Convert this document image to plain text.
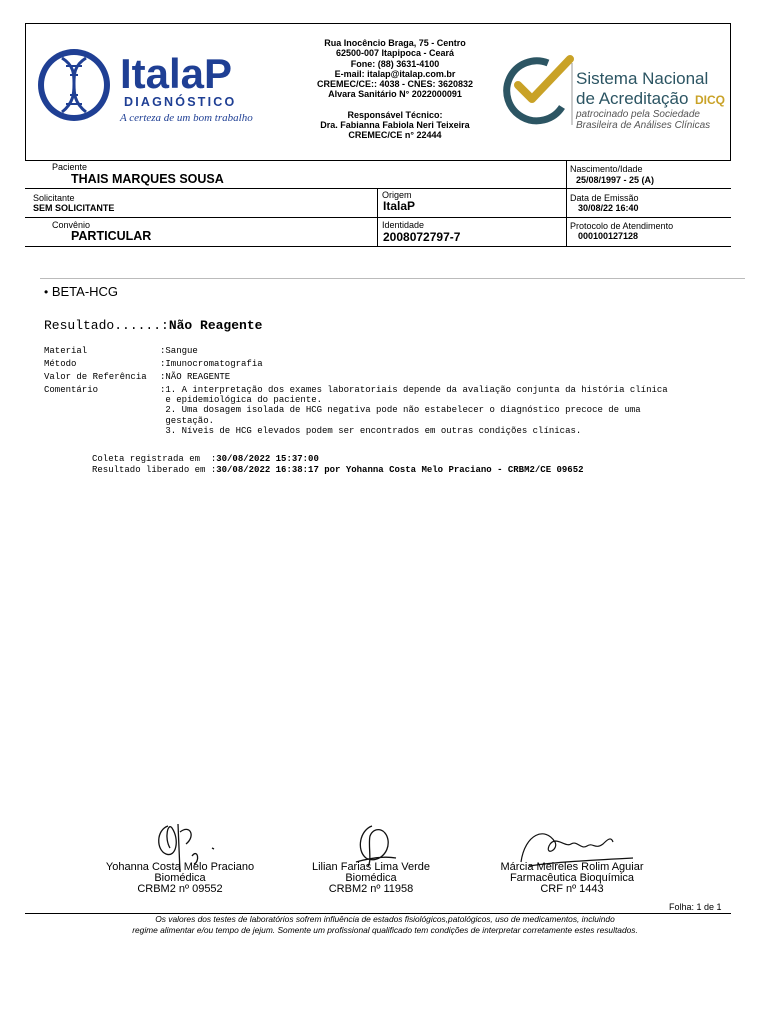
ItalaP
DIAGNÓSTICO
A certeza de um bom trabalho
Rua Inocêncio Braga, 75 - Centro
62500-007 Itapipoca - Ceará
Fone: (88) 3631-4100
E-mail: italap@italap.com.br
CREMEC/CE:: 4038 - CNES: 3620832
Alvara Sanitário N° 2022000091
Responsável Técnico:
Dra. Fabianna Fabiola Neri Teixeira
CREMEC/CE n° 22444
Sistema Nacional
de Acreditação DICQ
patrocinado pela Sociedade
Brasileira de Análises Clínicas
Paciente
THAIS MARQUES SOUSA
Nascimento/Idade
25/08/1997 - 25 (A)
Solicitante
SEM SOLICITANTE
Origem
ItalaP
Data de Emissão
30/08/22 16:40
Convênio
PARTICULAR
Identidade
2008072797-7
Protocolo de Atendimento
000100127128
• BETA-HCG
Resultado......:Não Reagente
Material	:Sangue
Método	:Imunocromatografia
Valor de Referência :NÃO REAGENTE
Comentário	:1. A interpretação dos exames laboratoriais depende da avaliação conjunta da história clínica
e epidemiológica do paciente.
2. Uma dosagem isolada de HCG negativa pode não estabelecer o diagnóstico precoce de uma
gestação.
3. Níveis de HCG elevados podem ser encontrados em outras condições clínicas.
Coleta registrada em  :30/08/2022 15:37:00
Resultado liberado em :30/08/2022 16:38:17 por Yohanna Costa Melo Praciano - CRBM2/CE 09652
Yohanna Costa Melo Praciano
Biomédica
CRBM2 nº 09552
Lilian Farias Lima Verde
Biomédica
CRBM2 nº 11958
Márcia Meireles Rolim Aguiar
Farmacêutica Bioquímica
CRF nº 1443
Folha: 1 de 1
Os valores dos testes de laboratórios sofrem influência de estados fisiológicos,patológicos, uso de medicamentos, incluindo
regime alimentar e/ou tempo de jejum. Somente um profissional qualificado tem condições de interpretar corretamente estes resultados.
